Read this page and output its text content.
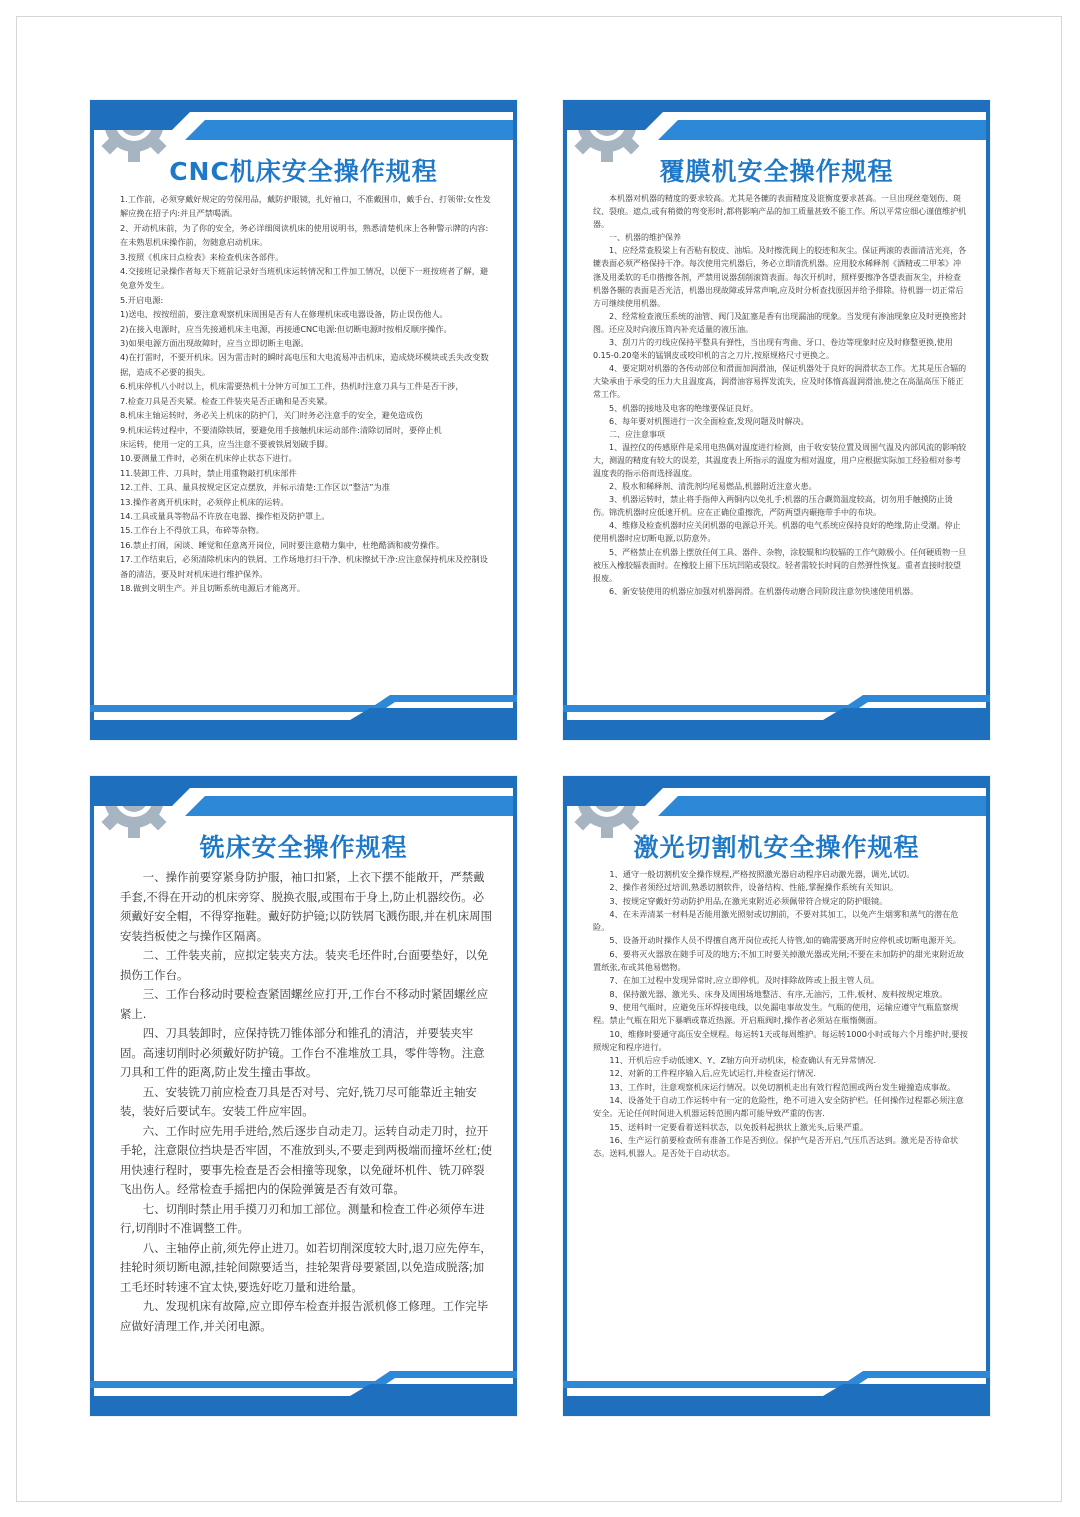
CNC机床安全操作规程

1.工作前，必须穿戴好规定的劳保用品，戴防护眼镜，扎好袖口，不准戴围巾，戴手台、打领带;女性发解应挽在招子内:并且严禁喝酒。

2、开动机床前，为了你的安全，务必详细阅读机床的使用说明书，熟悉清楚机床上各种警示牌的内容:在未熟思机床操作前，勿随意启动机床。

3.按照《机床日点检表》来检查机床各部件。

4.交接班记录操作者每天下班前记录好当班机床运转情况和工件加工情况，以便下一班按班者了解，避免意外发生。

5.开启电源:

1)送电、按按纽前，要注意观察机床周围是否有人在修理机床或电器设备，防止误伤他人。

2)在接入电源时，应当先接通机床主电源，再接通CNC电源:但切断电源时按相反顺序操作。

3)如果电源方面出现故障时，应当立即切断主电源。

4)在打雷时，不要开机床。因为雷击时的瞬时高电压和大电流易冲击机床，造成烧坏模块或丢失改变数据，造成不必要的损失。

6.机床停机八小时以上，机床需要热机十分钟方可加工工件，热机时注意刀具与工件是否干涉，

7.检查刀具是否夹紧。检查工件装夹是否正确和是否夹紧。

8.机床主轴运转时，务必关上机床的防护门，关门时务必注意手的安全，避免造成伤

9.机床运转过程中，不要清除铁屑，要避免用手接触机床运动部件:清除切屑时，要停止机

床运转，使用一定的工具，应当注意不要被铁屑划破手脚。

10.要测量工件时，必须在机床停止状态下进行。

11.装卸工件、刀具时，禁止用重物敲打机床部件

12.工件、工具、量具按规定区定点摆放，并标示清楚:工作区以“整洁”为准

13.操作者离开机床时，必须停止机床的运转。

14.工具或量具等物品不许放在电器、操作柜及防护罩上。

15.工作台上不得放工具，布碎等杂物。

16.禁止打闹，闲谈、睡觉和任意离开岗位，同时要注意精力集中，杜绝酷酒和疲劳操作。

17.工作结束后，必须清除机床内的铁屑、工作场地打扫干净、机床擦拭干净:应注意保持机床及控制设备的清洁，要及时对机床进行维护保养。

18.做到文明生产。并且切断系统电源后才能离开。

覆膜机安全操作规程

本机器对机器的精度的要求较高。尤其是各辘的表面精度及诳衡度要求甚高。一旦出现丝毫划伤、斑纹、裂痕。遮点,或有稍微的弯变形时,都将影响产品的加工质量甚致不能工作。所以平常应细心谨值维护机器。

一、机器的维护保养

1、应经常查股梁上有否粘有胶皮、油垢。及时擦洗阆上的胶迹和灰尘。保证两滚的表面清洁光亮，各辘表面必须严格保持干净。每次使用完机器后，务必立即清洗机器。应用胶水稀释剂《酒精或二甲苯》冲涤及用柔软的毛巾揩擦各剂，严禁用说器刮削滚筒表面。每次开机时，照样要擦净各望表面灰尘，并检查机器各辗的表面是否光洁，机器出现故障或异常声响,应及时分析查找原因并给予排除。待机器一切正常后方可继续使用机器。

2、经常检查液压系统的油管、阀门及缸塞是香有出现漏油的现象。当发现有渗油现象应及时更换密封图。还应及时向液压筒内补充适量的液压油。

3、刮刀片的刃线应保持平整具有弹性，当出现有弯曲、牙口、卷边等现象时应及时修整更换,使用0.15-0.20毫米的锰钢皮或咬印机的言之刀片,按原规格尺寸更换之。

4、要定期对机器的各传动部位和滑面加润滑油，保证机器处于良好的润滑状态工作。尤其是压合辐的大染承由于承受的压力大且温度高，润滑油容易挥发流失，应及时体惰高温润滑油,使之在高温高压下能正常工作。

5、机器的接地及电客的绝缘要保证良好。

6、每年要对机图进行一次全面检查,发现问题及时解决。

二、应注意事项

1、温控仪的传感原件是采用电热偶对温度进行检测，由于收安装位置及周围气温及内部风流的影响较大，测温的精度有较大的误差，其温度表上所指示的温度为相对温度，用户应根据实际加工经验相对参考温度表的指示俗而选择温度。

2、股水和稀释剂、清洗剂均尾易燃品,机器附近注意火患。

3、机器运转时，禁止将手指伸入两铜内以免扎手;机器的压合觑筒温度较高，切勿用手触摸防止烫伤。锦洗机器时应低速开机。应在正确位重擦洗，严防两望内碾拖带手中的布块。

4、维修及检查机器时应关闭机器的电源总开关。机器的电气系统应保持良好的绝缘,防止受潮。停止使用机器时应切断电源,以防意外。

5、严格禁止在机器上摆放任何工具、器件、杂物，涂胶辊和均胶辐的工作气隙极小。任何硬质物一旦被压入橡胶辐表面时。在橡胶上留下压坑凹陷或裂纹。轻者需较长时间的自然弹性恢复。重者直接时胶望报废。

6、新安装使用的机器应加强对机器润滑。在机器传动磨合同阶段注意勿快速使用机器。

铣床安全操作规程

一、操作前要穿紧身防护服，袖口扣紧，上衣下摆不能敞开，严禁戴手套,不得在开动的机床旁穿、脱换衣服,或围布于身上,防止机器绞伤。必须戴好安全帽，不得穿拖鞋。戴好防护镜;以防铁屑飞溅伤眼,并在机床周围安装挡板使之与操作区隔离。

二、工件装夹前，应拟定装夹方法。装夹毛坯件时,台面要垫好，以免损伤工作台。

三、工作台移动时要检查紧固螺丝应打开,工作台不移动时紧固螺丝应紧上.

四、刀具装卸时，应保持铣刀锥体部分和锥孔的清洁，并要装夹牢固。高速切削时必须戴好防护镜。工作台不准堆放工具，零件等物。注意刀具和工件的距离,防止发生撞击事故。

五、安装铣刀前应检查刀具是否对号、完好,铣刀尽可能靠近主轴安装，装好后要试车。安装工件应牢固。

六、工作时应先用手进给,然后逐步自动走刀。运转自动走刀时，拉开手轮，注意限位挡块是否牢固，不准放到头,不要走到两极端而撞坏丝杠;使用快速行程时，要事先检查是否会相撞等现象，以免碰坏机件、铣刀碎裂飞出伤人。经常检查手摇把内的保险弹簧是否有效可靠。

七、切削时禁止用手摸刀刃和加工部位。测量和检查工件必须停车进行,切削时不准调整工件。

八、主轴停止前,须先停止进刀。如若切削深度较大时,退刀应先停车，挂轮时须切断电源,挂轮间隙要适当，挂轮架背母要紧固,以免造成脱落;加工毛坯时转速不宜太快,要选好吃刀量和进给量。

九、发现机床有故障,应立即停车检查并报告派机修工修理。工作完毕应做好清理工作,并关闭电源。

激光切割机安全操作规程

1、通守一般切割机安全操作规程,严格按照激光器启动程序启动激光器，调光,试切。

2、操作者须经过培训,熟悉切割软件，设备结构、性能,掌握操作系统有关知识。

3、按规定穿戴好劳动防护用品,在激光束附近必须佩带符合规定的防护眼镜。

4、在未弄清某一材料是否能用激光照射或切割前，不要对其加工，以免产生烟雾和蒸气的潜在危险。

5、设备开动时操作人员不得擅自离开岗位或托人待管,如的确需要离开时应停机或切断电源开关。

6、要将灭火器放在随手可及的地方;不加工时要关掉激光器或光闸;不要在未加防护的甜光束附近故置纸张,布或其他易燃物。

7、在加工过程中发现异常时,应立即停机。及时排除故阵或上报主管人员。

8、保持激光器、激光头、床身及周围场地整洁、有序,无油污，工件,板材、废料按规定堆放。

9、使用气瓶时，应避免压坏焊接电线，以免漏电事故发生。气瓶的使用，运输应遵守气瓶监察规程。禁止气瓶在阳光下暴晒或靠近热源。开启瓶阀时,操作者必须站在瓶惰侧面。

10、维修时要通守高压安全规程。每运转1天或每周维护。每运转1000小时或每六个月维护时,要按照规定和程序进行。

11、开机后应手动低速X、Y、Z轴方向开动机床，检查确认有无异常情况.

12、对新的工件程序输入后,应先试运行,并检查运行情况.

13、工作时，注意观察机床运行情况。以免切割机走出有效行程范围或两台发生碰撞造成事故。

14、设备处于自动工作运转中有一定的危险性，绝不可进入安全防护栏。任何操作过程都必须注意安全。无论任何时间进入机器运转范围内都可能导致严重的伤害.

15、送料时一定要看着送料状态，以免扳料起拱状上激光头,后果严重。

16、生产运行前要检查所有准备工作是否到位。保护气是否开启,气压爪否达到。激光是否待命状态。送料,机器人。是否处于自动状态。
